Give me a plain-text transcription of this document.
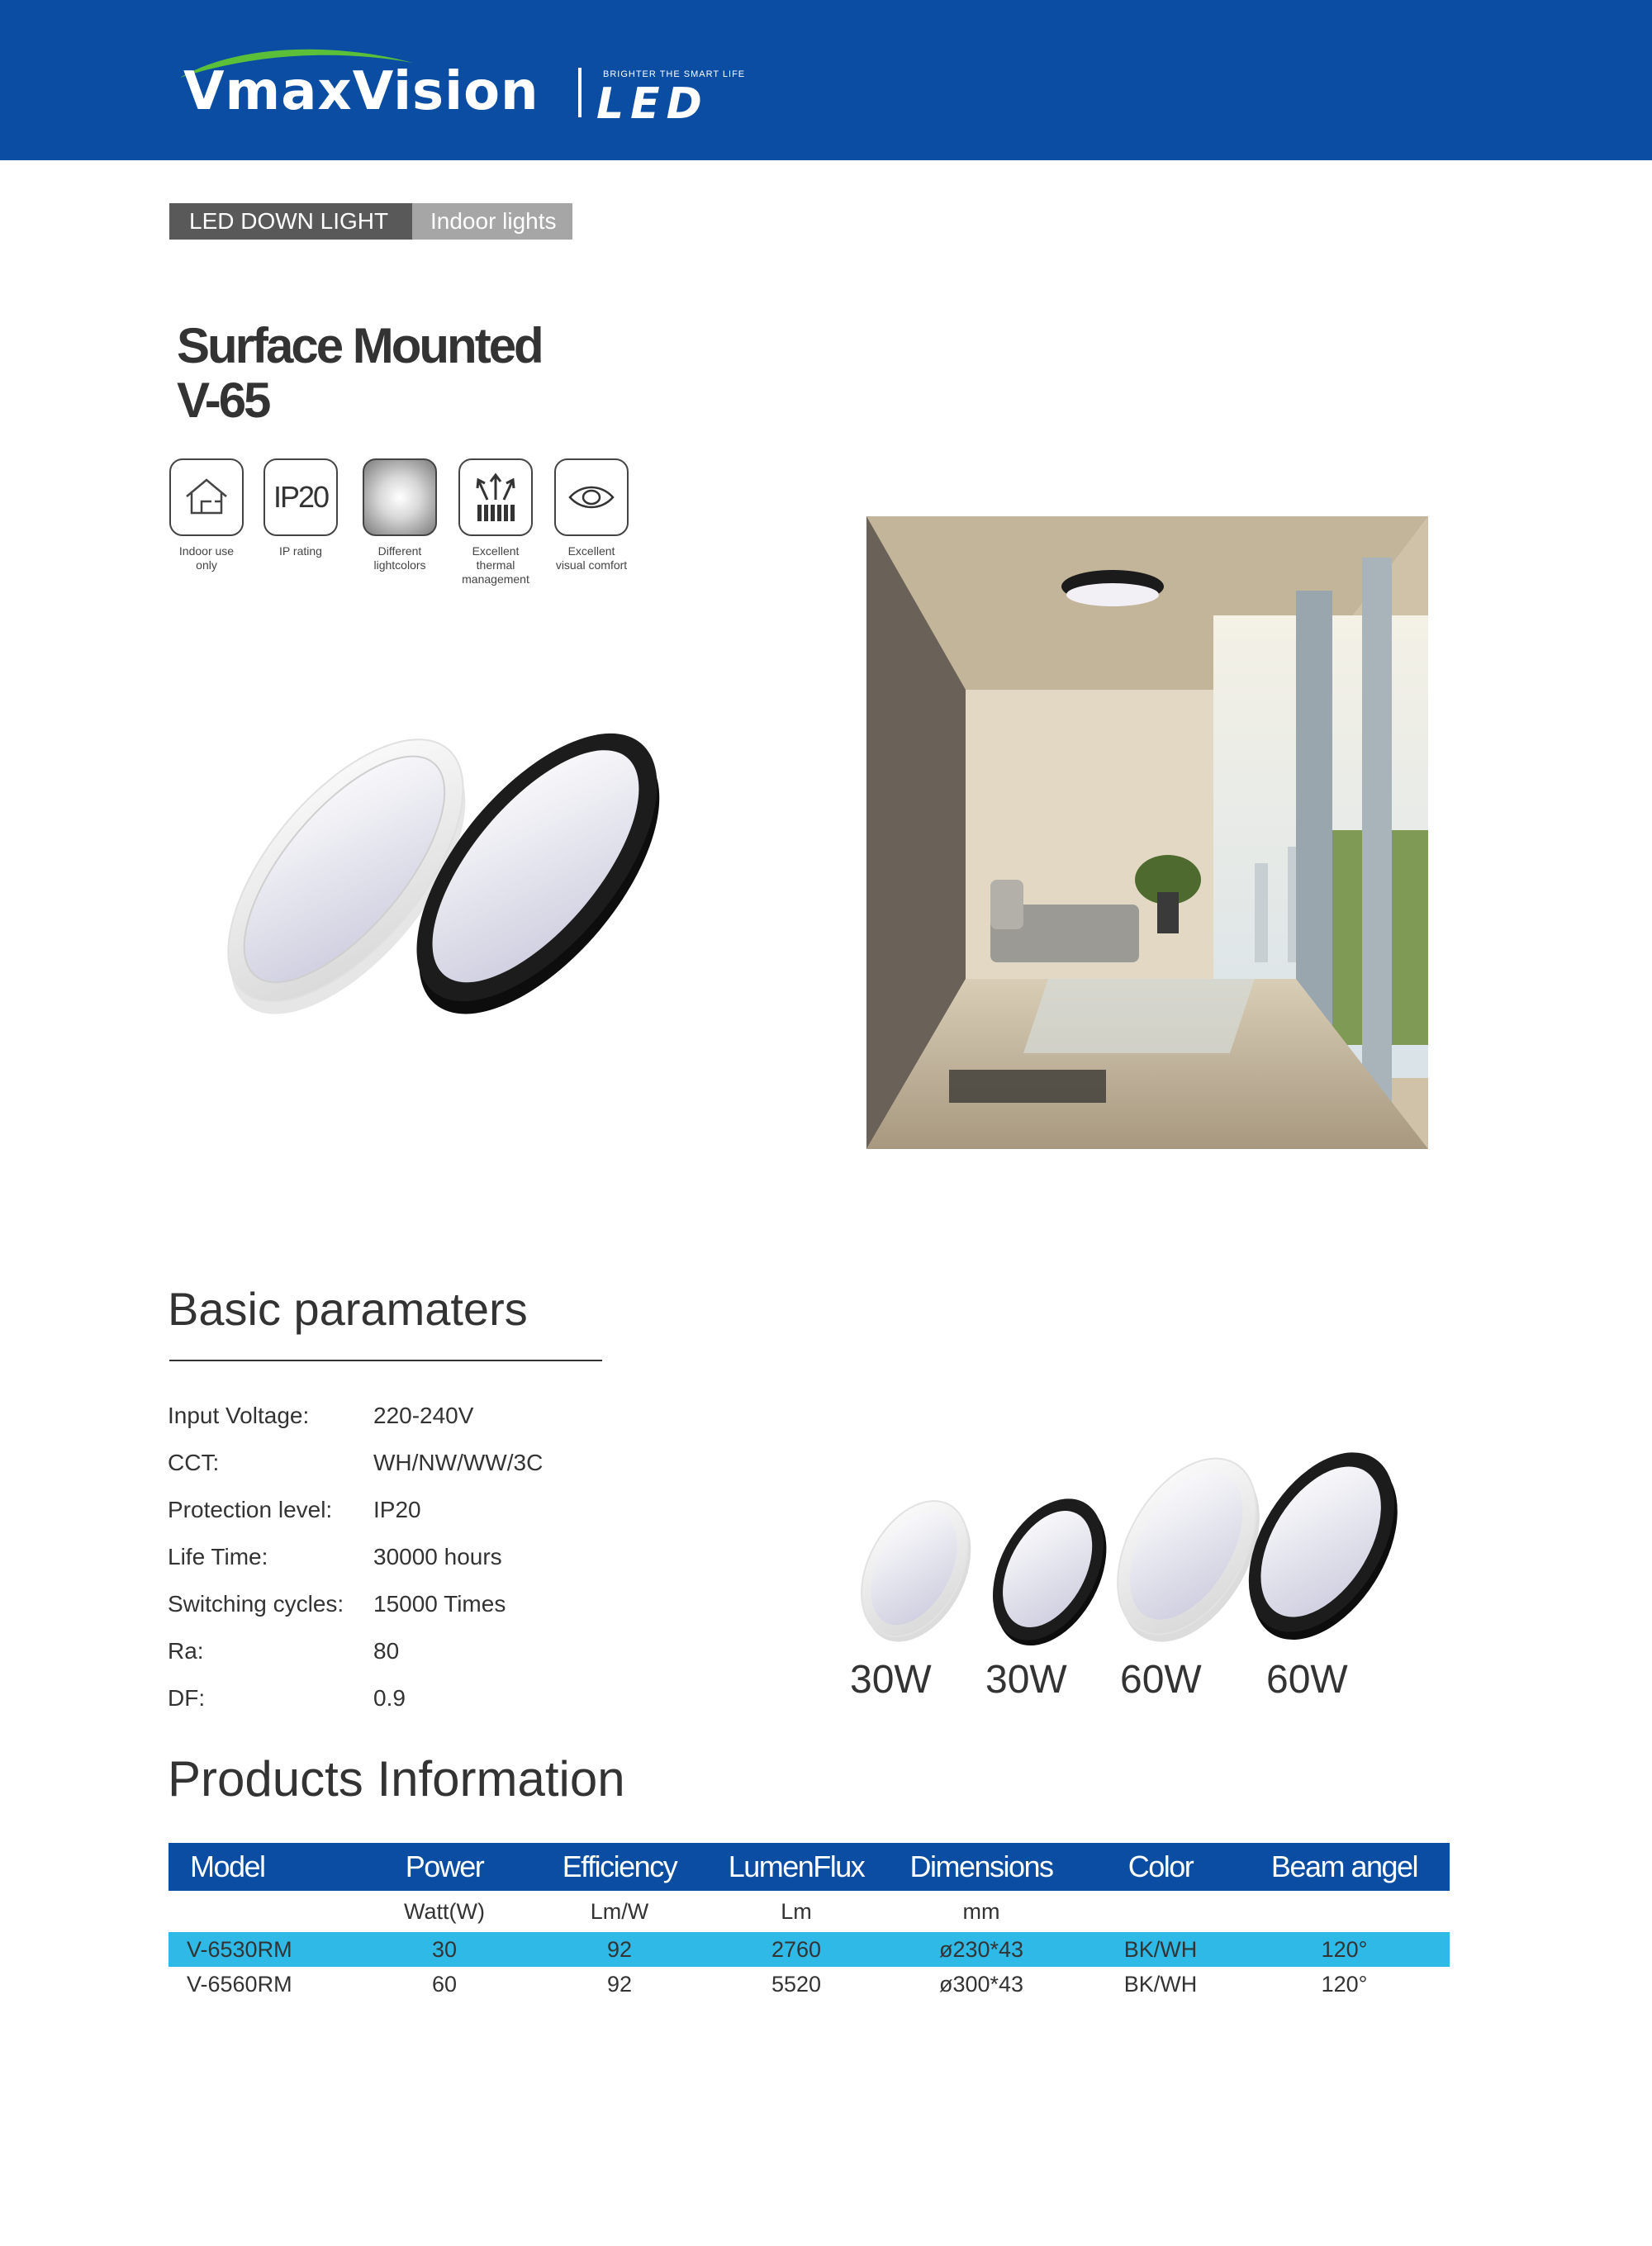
VmaxVision	BRIGHTER THE SMART LIFE
LED
LED DOWN LIGHT	Indoor lights
Surface Mounted
V-65
Indoor use only
IP20
IP rating	Different lightcolors
Excellent thermal management
Excellent visual comfort
Basic paramaters
Input Voltage:	220-240V
CCT:	WH/NW/WW/3C
Protection level: IP20
Life Time:	30000 hours
Switching cycles: 15000 Times
Ra:	80
DF:	0.9	30W 30W 60W 60W
Products Information
Model	Power	Efficiency	LumenFlux	Dimensions	Color	Beam angel
	Watt(W)	Lm/W	Lm	mm		
V-6530RM	30	92	2760	ø230*43	BK/WH	120°
V-6560RM	60	92	5520	ø300*43	BK/WH	120°
